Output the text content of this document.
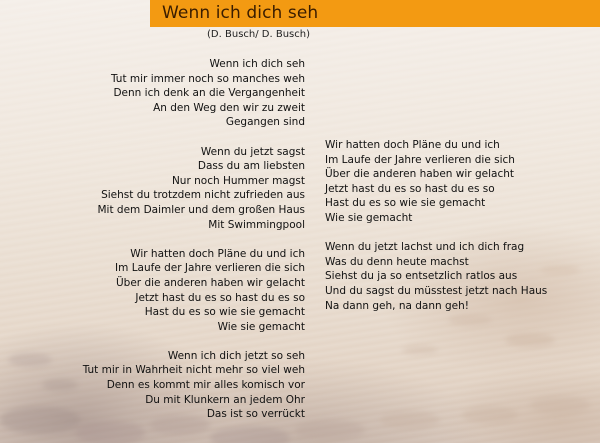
Wenn ich dich seh
(D. Busch/ D. Busch)
Wenn ich dich seh
Tut mir immer noch so manches weh
Denn ich denk an die Vergangenheit
An den Weg den wir zu zweit
Gegangen sind
Wenn du jetzt sagst
Dass du am liebsten
Nur noch Hummer magst
Siehst du trotzdem nicht zufrieden aus
Mit dem Daimler und dem großen Haus
Mit Swimmingpool
Wir hatten doch Pläne du und ich
Im Laufe der Jahre verlieren die sich
Über die anderen haben wir gelacht
Jetzt hast du es so hast du es so
Hast du es so wie sie gemacht
Wie sie gemacht
Wenn ich dich jetzt so seh
Tut mir in Wahrheit nicht mehr so viel weh
Denn es kommt mir alles komisch vor
Du mit Klunkern an jedem Ohr
Das ist so verrückt
Wir hatten doch Pläne du und ich
Im Laufe der Jahre verlieren die sich
Über die anderen haben wir gelacht
Jetzt hast du es so hast du es so
Hast du es so wie sie gemacht
Wie sie gemacht
Wenn du jetzt lachst und ich dich frag
Was du denn heute machst
Siehst du ja so entsetzlich ratlos aus
Und du sagst du müsstest jetzt nach Haus
Na dann geh, na dann geh!
